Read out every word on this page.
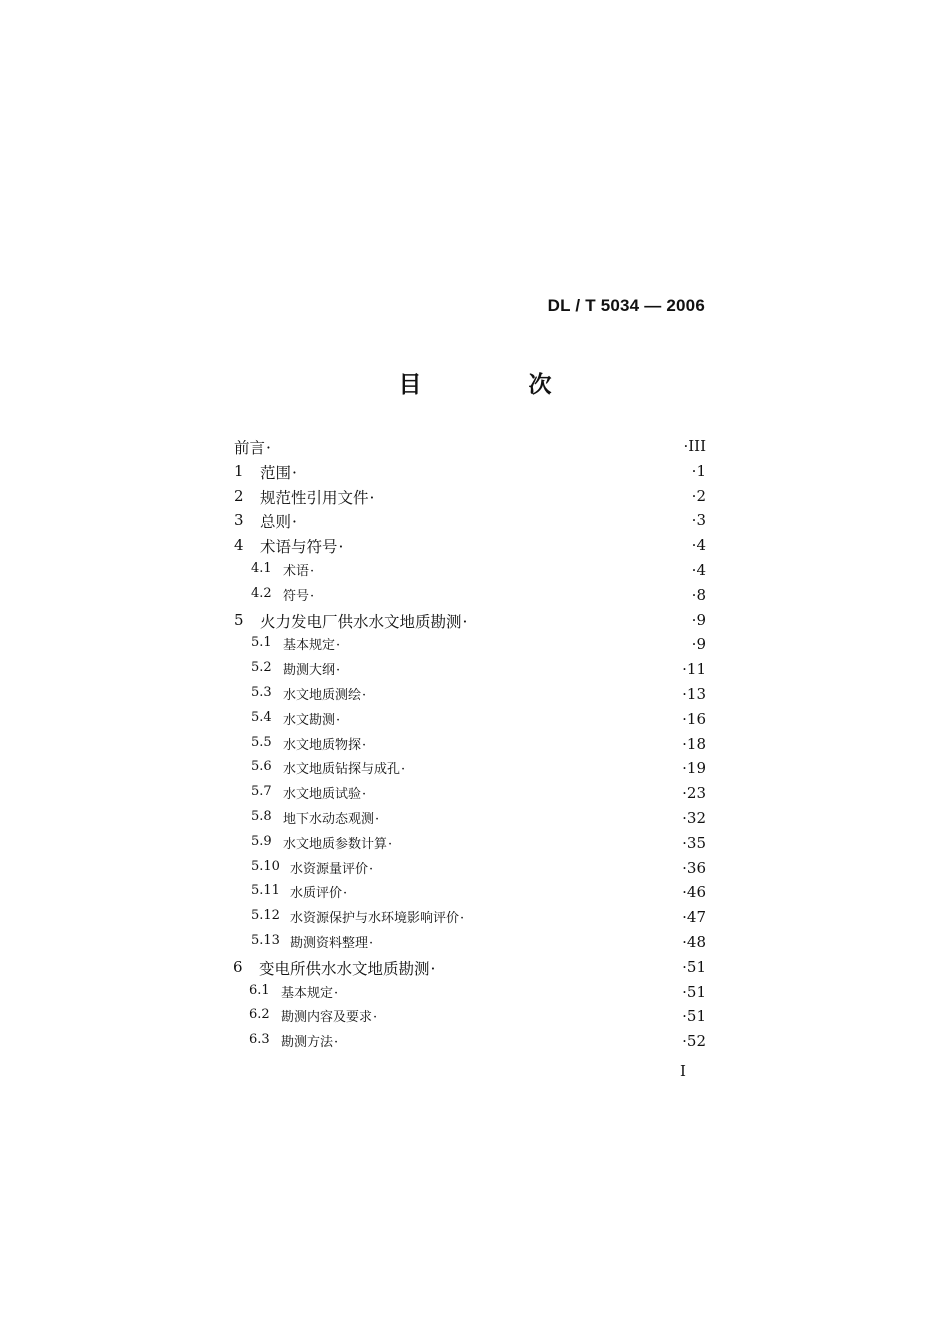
DL / T 5034 — 2006
目　次
前言·	·III
1 范围·	·1
2 规范性引用文件·	·2
3 总则·	·3
4 术语与符号·	·4
4.1 术语·	·4
4.2 符号·	·8
5 火力发电厂供水水文地质勘测·	·9
5.1 基本规定·	·9
5.2 勘测大纲·	·11
5.3 水文地质测绘·	·13
5.4 水文勘测·	·16
5.5 水文地质物探·	·18
5.6 水文地质钻探与成孔·	·19
5.7 水文地质试验·	·23
5.8 地下水动态观测·	·32
5.9 水文地质参数计算·	·35
5.10 水资源量评价·	·36
5.11 水质评价·	·46
5.12 水资源保护与水环境影响评价·	·47
5.13 勘测资料整理·	·48
6 变电所供水水文地质勘测·	·51
6.1 基本规定·	·51
6.2 勘测内容及要求·	·51
6.3 勘测方法·	·52
I
